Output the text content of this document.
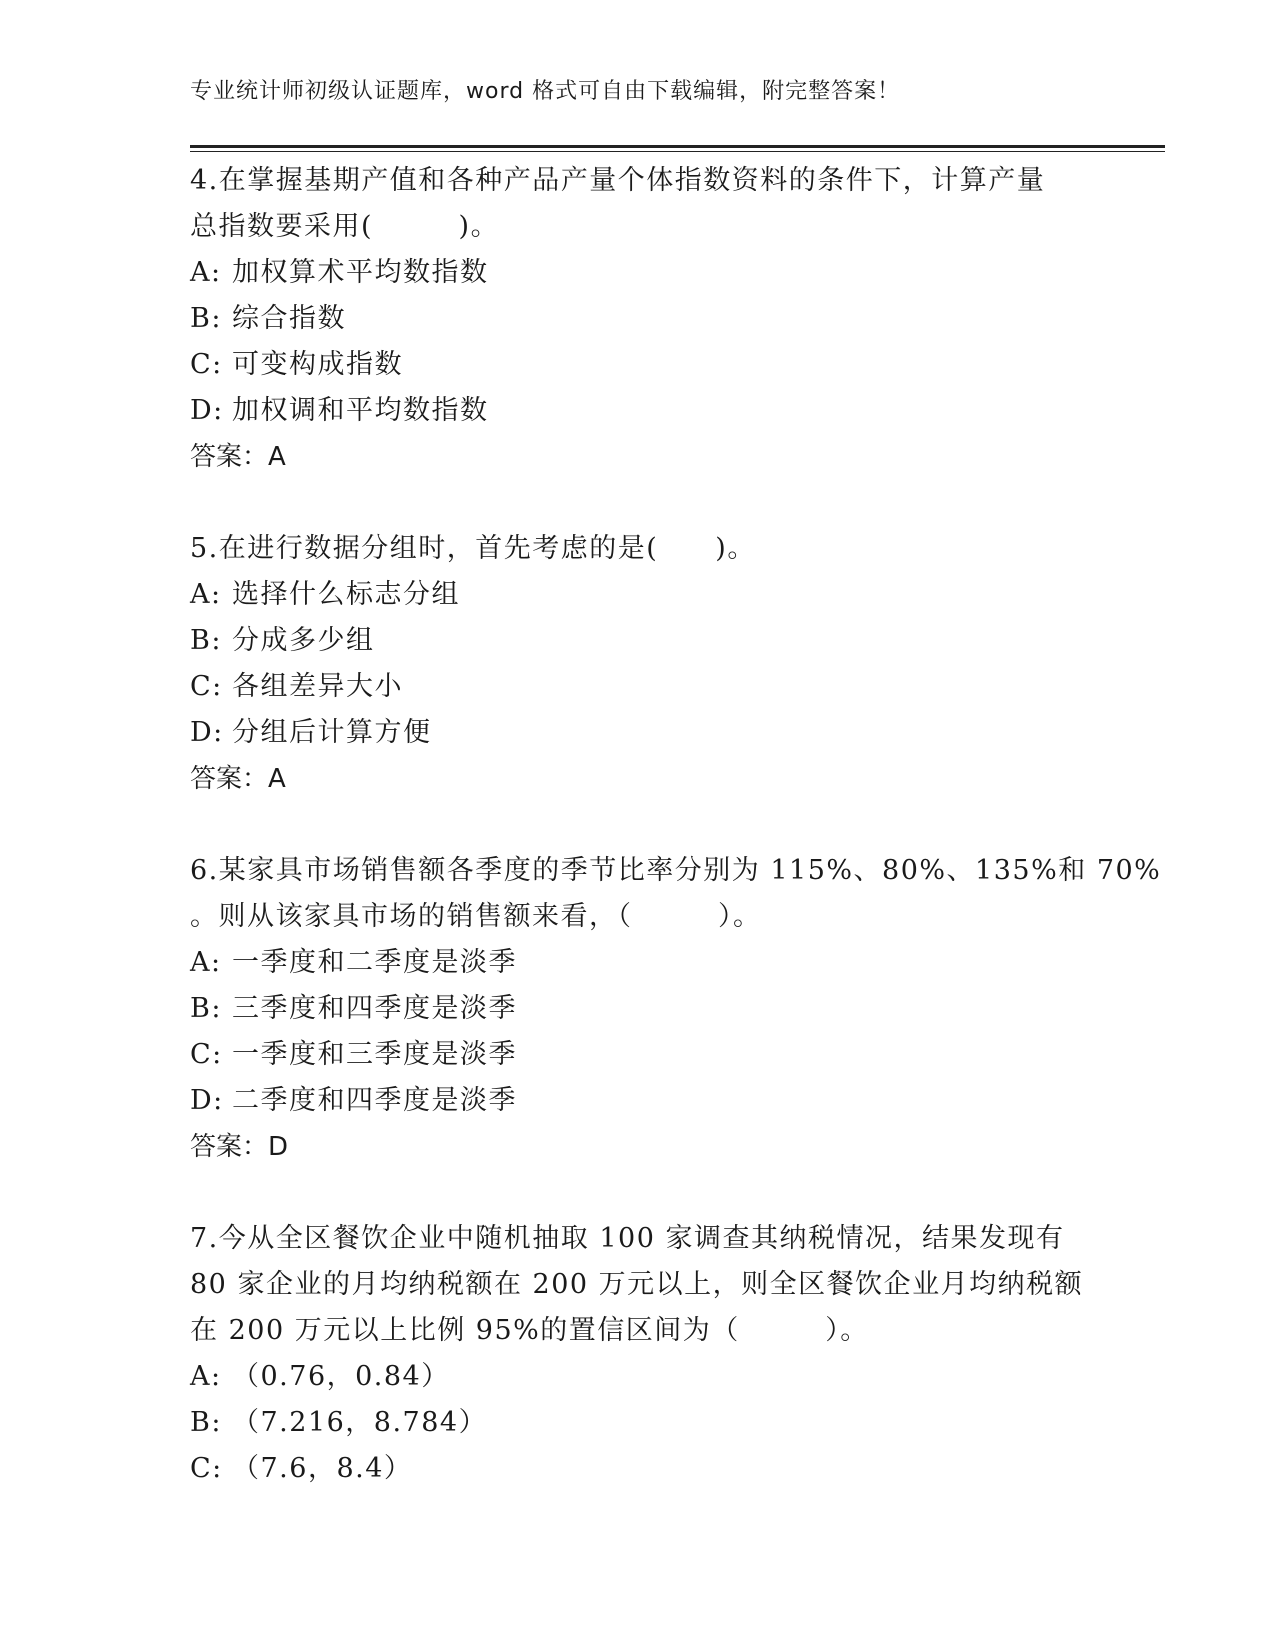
专业统计师初级认证题库，word 格式可自由下载编辑，附完整答案！
4.在掌握基期产值和各种产品产量个体指数资料的条件下，计算产量
总指数要采用(　　　)。
A: 加权算术平均数指数
B: 综合指数
C: 可变构成指数
D: 加权调和平均数指数
答案：A
5.在进行数据分组时，首先考虑的是(　　)。
A: 选择什么标志分组
B: 分成多少组
C: 各组差异大小
D: 分组后计算方便
答案：A
6.某家具市场销售额各季度的季节比率分别为 115%、80%、135%和 70%
。则从该家具市场的销售额来看，（　　　）。
A: 一季度和二季度是淡季
B: 三季度和四季度是淡季
C: 一季度和三季度是淡季
D: 二季度和四季度是淡季
答案：D
7.今从全区餐饮企业中随机抽取 100 家调查其纳税情况，结果发现有
80 家企业的月均纳税额在 200 万元以上，则全区餐饮企业月均纳税额
在 200 万元以上比例 95%的置信区间为（　　　）。
A: （0.76，0.84）
B: （7.216，8.784）
C: （7.6，8.4）
